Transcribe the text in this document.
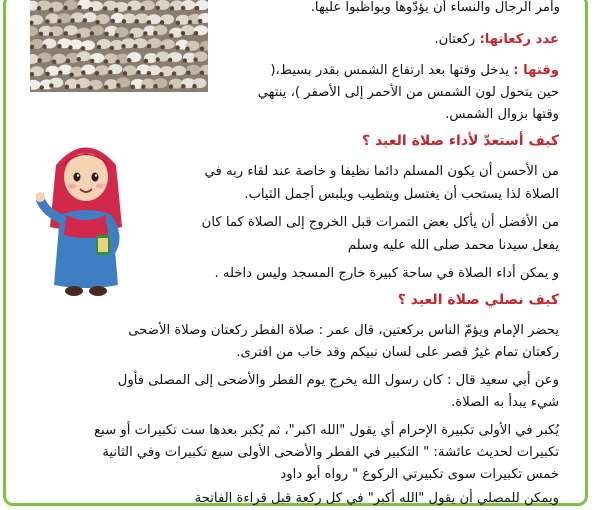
وأمر الرجال والنساء أن يؤدّوها ويواظبوا عليها.
عدد ركعاتها: ركعتان.
وقتها : يدخل وقتها بعد ارتفاع الشمس بقدر بسيط،(
حين يتحول لون الشمس من الأحمر إلى الأصفر )، ينتهي
وقتها بزوال الشمس.
كيف أستعدّ لأداء صلاة العيد ؟
من الأحسن أن يكون المسلم دائما نظيفا و خاصة عند لقاء ربه في
الصلاة لذا يستحب أن يغتسل ويتطيب ويلبس أجمل الثياب.
من الأفضل أن يأكل بعض التمرات قبل الخروج إلى الصلاة كما كان
يفعل سيدنا محمد صلى الله عليه وسلم
و يمكن أداء الصلاة في ساحة كبيرة خارج المسجد وليس داخله .
كيف نصلي صلاة العيد ؟
يحضر الإمام ويؤمّ الناس بركعتين، قال عمر : صلاة الفطر ركعتان وصلاة الأضحى
ركعتان تمام غيرُ قصر على لسان نبيكم وقد خاب من افترى.
وعن أبي سعيد قال : كان رسول الله يخرج يوم الفطر والأضحى إلى المصلى فأول
شيء يبدأ به الصلاة.
يُكبر في الأولى تكبيرة الإحرام أي يقول "الله اكبر"، ثم يُكبر بعدها ست تكبيرات أو سبع
تكبيرات لحديث عائشة: " التكبير في الفطر والأضحى الأولى سبع تكبيرات وفي الثانية
خمس تكبيرات سوى تكبيرتي الركوع " رواه أبو داود
ويمكن للمصلي أن يقول "الله أكبر" في كل ركعة قبل قراءة الفاتحة
